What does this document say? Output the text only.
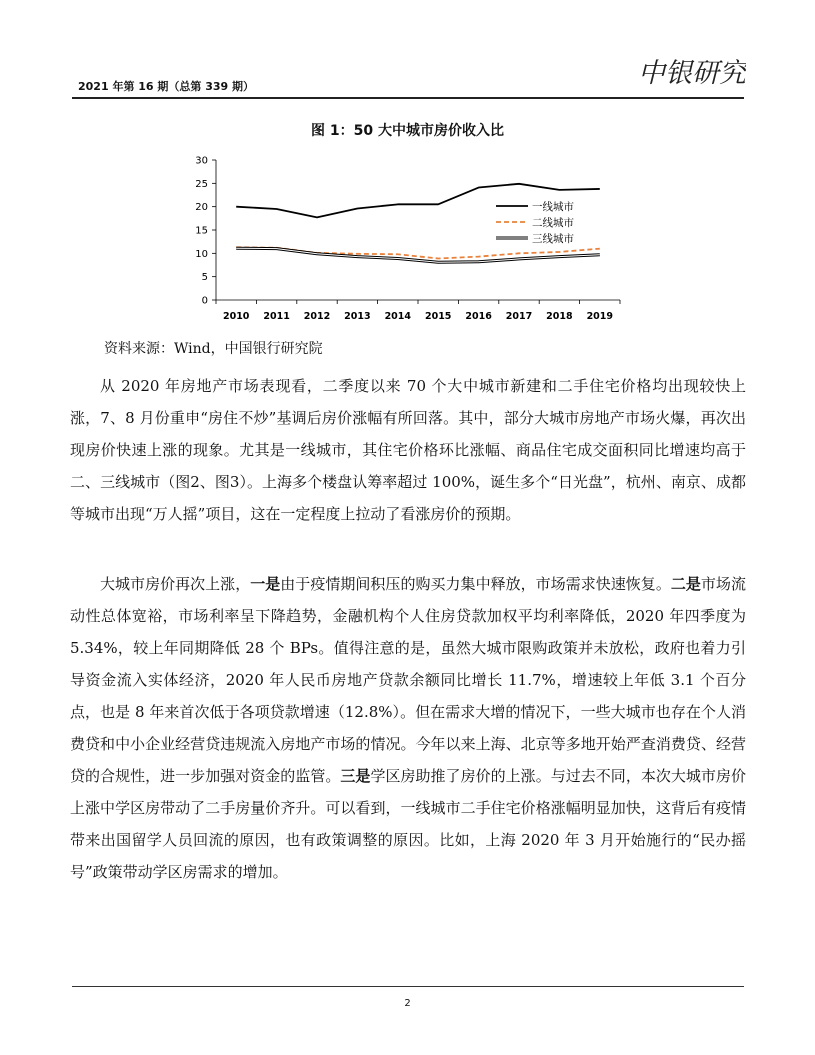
2021 年第 16 期（总第 339 期）	中银研究
图 1：50 大中城市房价收入比
0
5
10
15
20
25
30
2010 2011 2012 2013 2014 2015 2016 2017 2018 2019
一线城市
二线城市
三线城市
资料来源：Wind，中国银行研究院

从 2020 年房地产市场表现看，二季度以来 70 个大中城市新建和二手住宅价格均出现较快上涨，7、8 月份重申“房住不炒”基调后房价涨幅有所回落。其中，部分大城市房地产市场火爆，再次出现房价快速上涨的现象。尤其是一线城市，其住宅价格环比涨幅、商品住宅成交面积同比增速均高于二、三线城市（图2、图3）。上海多个楼盘认筹率超过 100%，诞生多个“日光盘”，杭州、南京、成都等城市出现“万人摇”项目，这在一定程度上拉动了看涨房价的预期。

大城市房价再次上涨，一是由于疫情期间积压的购买力集中释放，市场需求快速恢复。二是市场流动性总体宽裕，市场利率呈下降趋势，金融机构个人住房贷款加权平均利率降低，2020 年四季度为 5.34%，较上年同期降低 28 个 BPs。值得注意的是，虽然大城市限购政策并未放松，政府也着力引导资金流入实体经济，2020 年人民币房地产贷款余额同比增长 11.7%，增速较上年低 3.1 个百分点，也是 8 年来首次低于各项贷款增速（12.8%）。但在需求大增的情况下，一些大城市也存在个人消费贷和中小企业经营贷违规流入房地产市场的情况。今年以来上海、北京等多地开始严查消费贷、经营贷的合规性，进一步加强对资金的监管。三是学区房助推了房价的上涨。与过去不同，本次大城市房价上涨中学区房带动了二手房量价齐升。可以看到，一线城市二手住宅价格涨幅明显加快，这背后有疫情带来出国留学人员回流的原因，也有政策调整的原因。比如，上海 2020 年 3 月开始施行的“民办摇号”政策带动学区房需求的增加。

2
